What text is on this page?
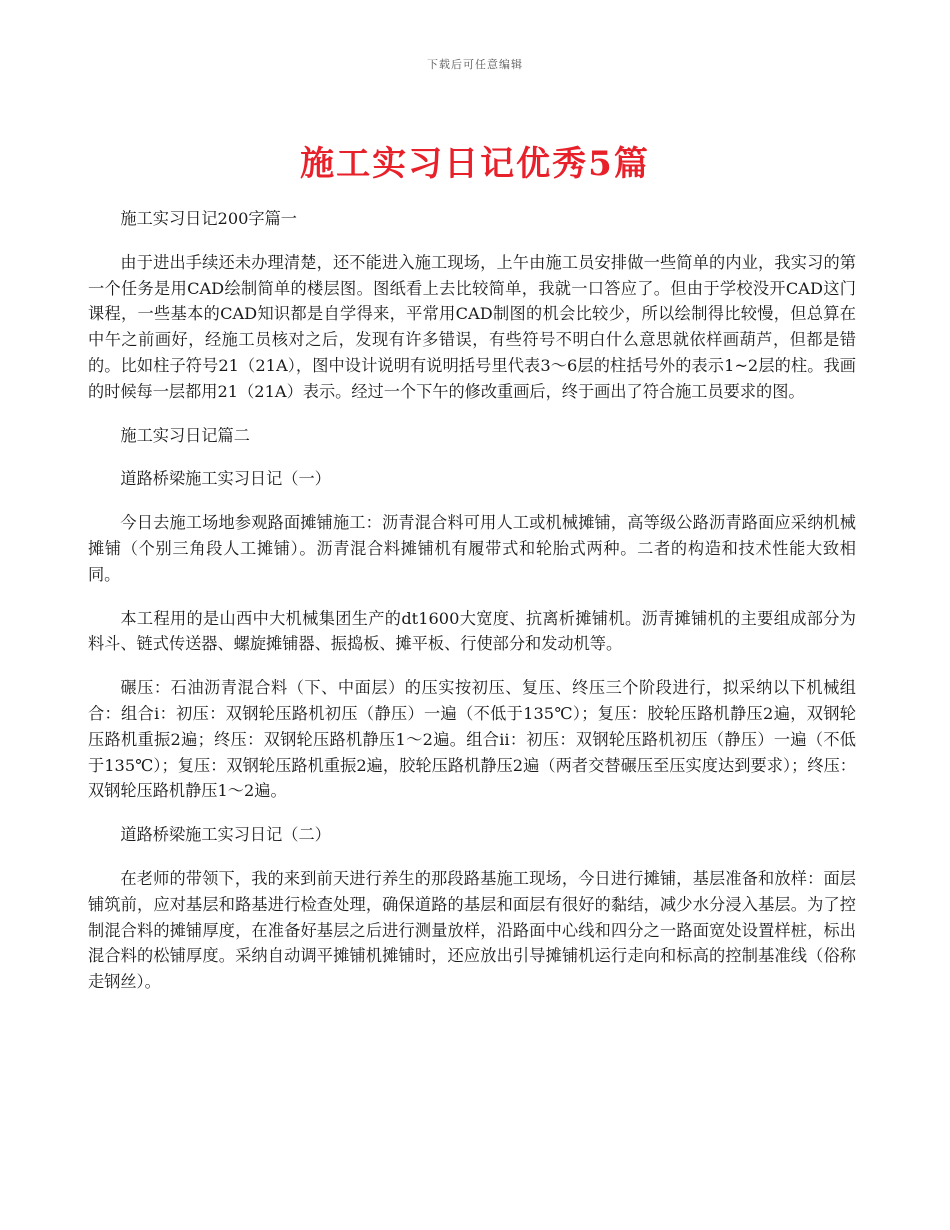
下载后可任意编辑
施工实习日记优秀5篇

施工实习日记200字篇一

由于进出手续还未办理清楚，还不能进入施工现场，上午由施工员安排做一些简单的内业，我实习的第一个任务是用CAD绘制简单的楼层图。图纸看上去比较简单，我就一口答应了。但由于学校没开CAD这门课程，一些基本的CAD知识都是自学得来，平常用CAD制图的机会比较少，所以绘制得比较慢，但总算在中午之前画好，经施工员核对之后，发现有许多错误，有些符号不明白什么意思就依样画葫芦，但都是错的。比如柱子符号21（21A），图中设计说明有说明括号里代表3～6层的柱括号外的表示1~2层的柱。我画的时候每一层都用21（21A）表示。经过一个下午的修改重画后，终于画出了符合施工员要求的图。

施工实习日记篇二

道路桥梁施工实习日记（一）

今日去施工场地参观路面摊铺施工：沥青混合料可用人工或机械摊铺，高等级公路沥青路面应采纳机械摊铺（个别三角段人工摊铺）。沥青混合料摊铺机有履带式和轮胎式两种。二者的构造和技术性能大致相同。

本工程用的是山西中大机械集团生产的dt1600大宽度、抗离析摊铺机。沥青摊铺机的主要组成部分为料斗、链式传送器、螺旋摊铺器、振捣板、摊平板、行使部分和发动机等。

碾压：石油沥青混合料（下、中面层）的压实按初压、复压、终压三个阶段进行，拟采纳以下机械组合：组合ⅰ：初压：双钢轮压路机初压（静压）一遍（不低于135℃）；复压：胶轮压路机静压2遍，双钢轮压路机重振2遍；终压：双钢轮压路机静压1～2遍。组合ⅱ：初压：双钢轮压路机初压（静压）一遍（不低于135℃）；复压：双钢轮压路机重振2遍，胶轮压路机静压2遍（两者交替碾压至压实度达到要求）；终压：双钢轮压路机静压1～2遍。

道路桥梁施工实习日记（二）

在老师的带领下，我的来到前天进行养生的那段路基施工现场，今日进行摊铺，基层准备和放样：面层铺筑前，应对基层和路基进行检查处理，确保道路的基层和面层有很好的黏结，减少水分浸入基层。为了控制混合料的摊铺厚度，在准备好基层之后进行测量放样，沿路面中心线和四分之一路面宽处设置样桩，标出混合料的松铺厚度。采纳自动调平摊铺机摊铺时，还应放出引导摊铺机运行走向和标高的控制基准线（俗称走钢丝）。
